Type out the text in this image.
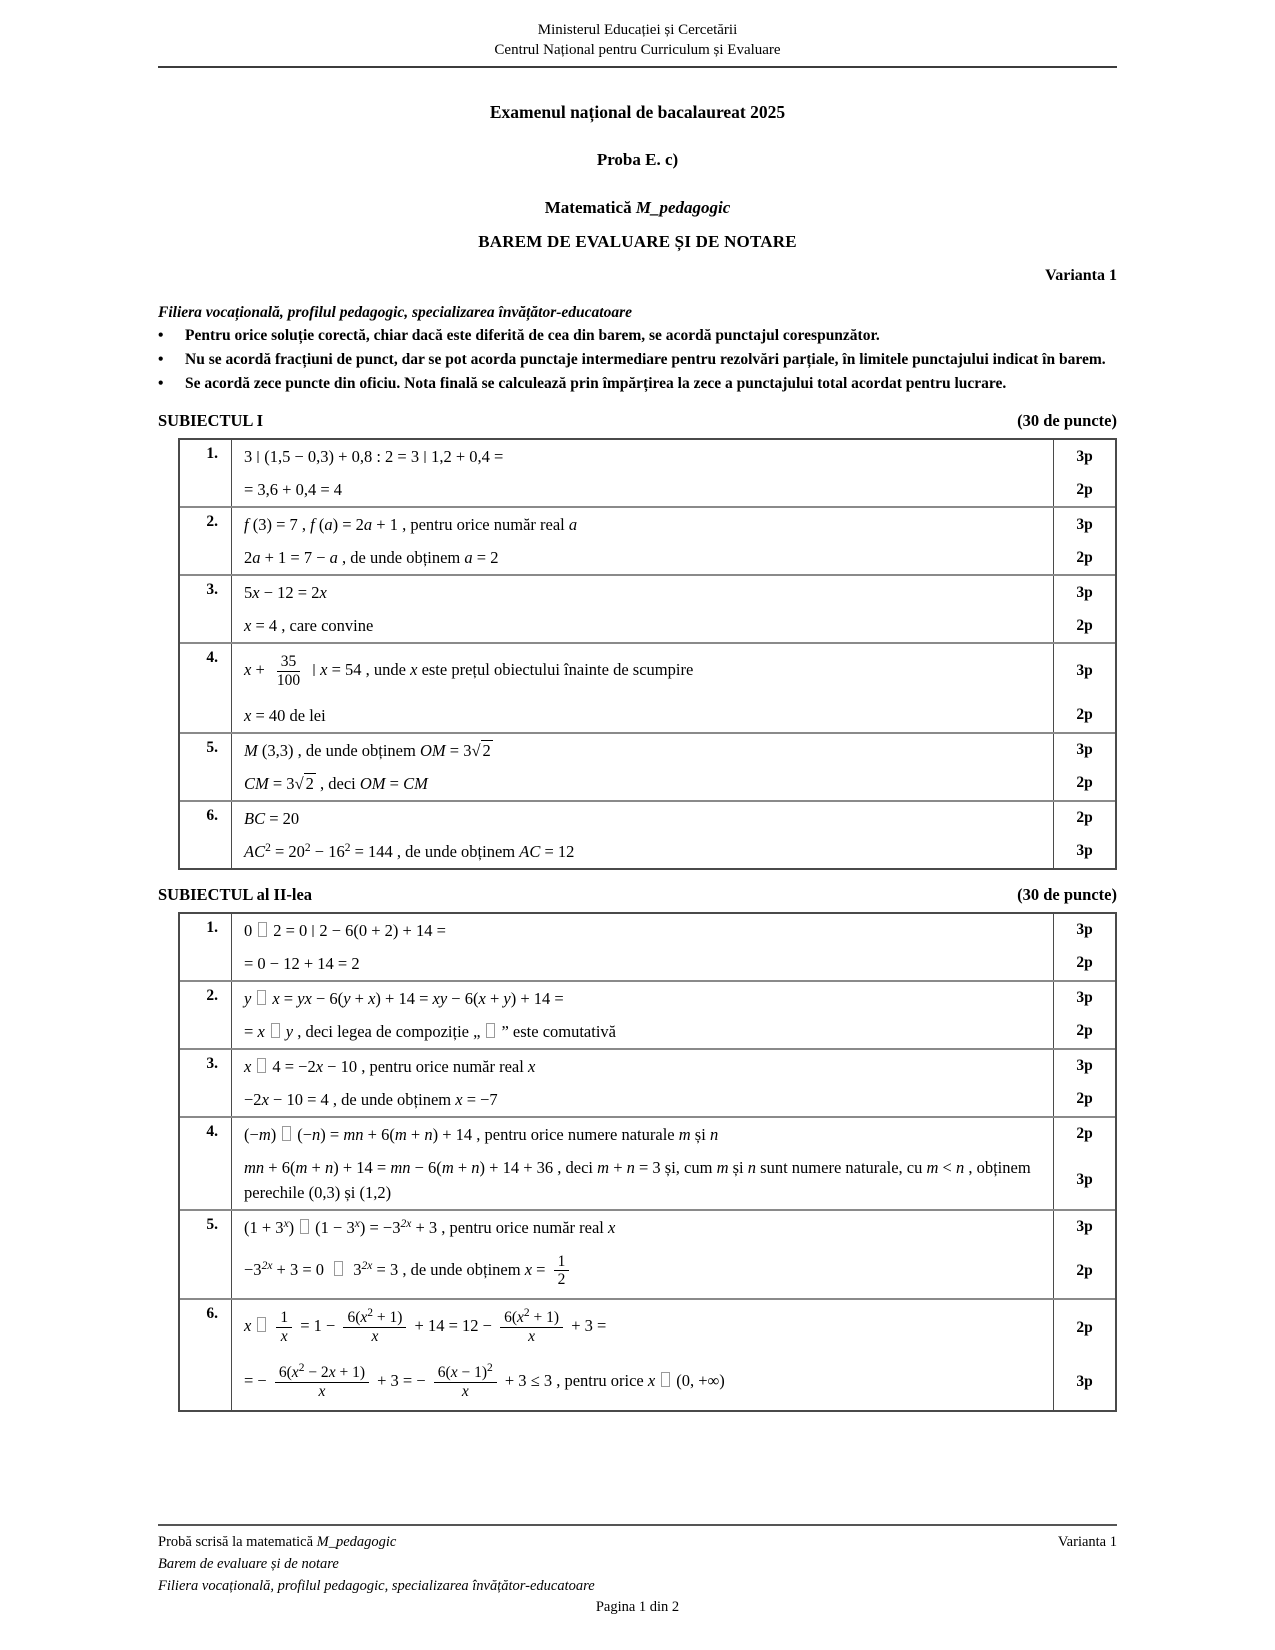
Ministerul Educației și Cercetării
Centrul Național pentru Curriculum și Evaluare
Examenul național de bacalaureat 2025
Proba E. c)
Matematică M_pedagogic
BAREM DE EVALUARE ȘI DE NOTARE
Varianta 1
Filiera vocațională, profilul pedagogic, specializarea învățător-educatoare
• Pentru orice soluție corectă, chiar dacă este diferită de cea din barem, se acordă punctajul corespunzător.
• Nu se acordă fracțiuni de punct, dar se pot acorda punctaje intermediare pentru rezolvări parțiale, în limitele punctajului indicat în barem.
• Se acordă zece puncte din oficiu. Nota finală se calculează prin împărțirea la zece a punctajului total acordat pentru lucrare.
SUBIECTUL I	(30 de puncte)
1.	3 (1,5 − 0,3) + 0,8 : 2 = 3 1,2 + 0,4 =	3p
= 3,6 + 0,4 = 4	2p
2.	f (3) = 7 , f (a) = 2a + 1 , pentru orice număr real a	3p
2a + 1 = 7 − a , de unde obținem a = 2	2p
3.	5x − 12 = 2x	3p
x = 4 , care convine	2p
4.
$x + \frac{35}{100}$ x = 54 , unde x este prețul obiectului înainte de scumpire	3p
x = 40 de lei	2p
5.	M (3,3) , de unde obținem OM = 3√ 2	3p
CM = 3√ 2 , deci OM = CM	2p
6.	BC = 20	2p
$AC^2 = 20^2 - 16^2 = 144$ , de unde obținem AC = 12	3p
SUBIECTUL al II-lea	(30 de puncte)
1.	0 2 = 0 2 − 6(0 + 2) + 14 =	3p
= 0 − 12 + 14 = 2	2p
2.	y x = yx − 6(y + x) + 14 = xy − 6(x + y) + 14 =	3p
= x y , deci legea de compoziție „ ” este comutativă	2p
3.	x 4 = −2x − 10 , pentru orice număr real x	3p
−2x − 10 = 4 , de unde obținem x = −7	2p
4.	(−m) (−n) = mn + 6(m + n) + 14 , pentru orice numere naturale m și n	2p
mn + 6(m + n) + 14 = mn − 6(m + n) + 14 + 36 , deci m + n = 3 și, cum m și n sunt numere naturale, cu m < n , obținem perechile (0,3) și (1,2)
3p
5.	$(1 + 3^x)$ $(1 - 3^x) = -3^{2x} + 3$ , pentru orice număr real x	3p
$-3^{2x} + 3 = 0$  $3^{2x} = 3$ , de unde obținem $x = \frac{1}{2}$	2p
6.
x $\frac{1}{x} = 1 - \frac{6(x^2 + 1)}{x} + 14 = 12 - \frac{6(x^2 + 1)}{x} + 3$ =	2p
= − $\frac{6(x^2 - 2x + 1)}{x} + 3$ = − $\frac{6(x - 1)^2}{x} + 3 \le 3$ , pentru orice x (0, +∞)	3p
Probă scrisă la matematică M_pedagogic	Varianta 1
Barem de evaluare și de notare
Filiera vocațională, profilul pedagogic, specializarea învățător-educatoare
Pagina 1 din 2
